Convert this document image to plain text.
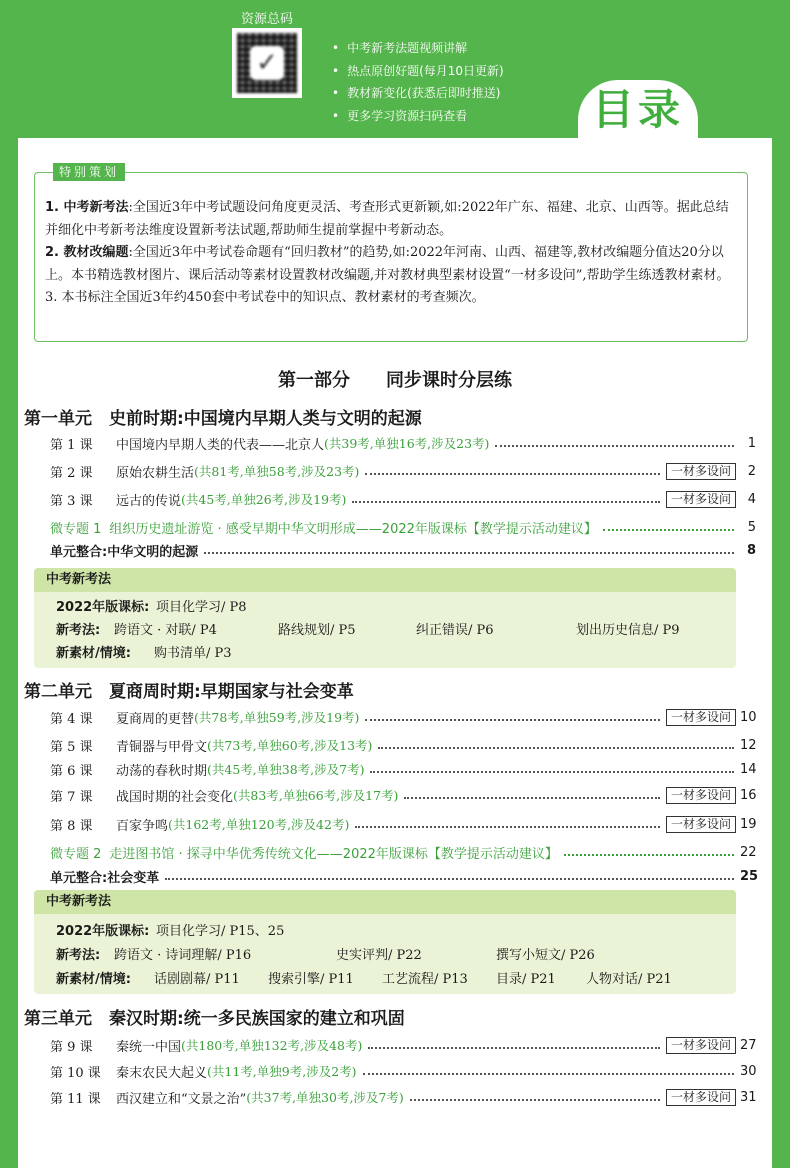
资源总码
✓	• 中考新考法题视频讲解
• 热点原创好题(每月10日更新)
• 教材新变化(获悉后即时推送)
• 更多学习资源扫码查看	目录
特别策划

1. 中考新考法:全国近3年中考试题设问角度更灵活、考查形式更新颖,如:2022年广东、福建、北京、山西等。据此总结并细化中考新考法维度设置新考法试题,帮助师生提前掌握中考新动态。

2. 教材改编题:全国近3年中考试卷命题有“回归教材”的趋势,如:2022年河南、山西、福建等,教材改编题分值达20分以上。本书精选教材图片、课后活动等素材设置教材改编题,并对教材典型素材设置“一材多设问”,帮助学生练透教材素材。

3. 本书标注全国近3年约450套中考试卷中的知识点、教材素材的考查频次。

第一部分　　同步课时分层练
第一单元　史前时期:中国境内早期人类与文明的起源
第 1 课	中国境内早期人类的代表——北京人 (共39考,单独16考,涉及23考)	1
第 2 课	原始农耕生活 (共81考,单独58考,涉及23考)	一材多设问	2
第 3 课	远古的传说 (共45考,单独26考,涉及19考)	一材多设问	4
微专题 1 组织历史遗址游览 · 感受早期中华文明形成——2022年版课标【教学提示活动建议】	5
单元整合:中华文明的起源	8
中考新考法
2022年版课标: 项目化学习/ P8
新考法: 跨语文 · 对联/ P4	路线规划/ P5	纠正错误/ P6	划出历史信息/ P9
新素材/情境: 购书清单/ P3
第二单元　夏商周时期:早期国家与社会变革
第 4 课	夏商周的更替 (共78考,单独59考,涉及19考)	一材多设问 10
第 5 课	青铜器与甲骨文 (共73考,单独60考,涉及13考)	12
第 6 课	动荡的春秋时期 (共45考,单独38考,涉及7考)	14
第 7 课	战国时期的社会变化 (共83考,单独66考,涉及17考)	一材多设问 16
第 8 课	百家争鸣 (共162考,单独120考,涉及42考)	一材多设问 19
微专题 2 走进图书馆 · 探寻中华优秀传统文化——2022年版课标【教学提示活动建议】	22
单元整合:社会变革	25
中考新考法
2022年版课标: 项目化学习/ P15、25
新考法: 跨语文 · 诗词理解/ P16	史实评判/ P22	撰写小短文/ P26
新素材/情境: 话剧剧幕/ P11 搜索引擎/ P11 工艺流程/ P13 目录/ P21 人物对话/ P21
第三单元　秦汉时期:统一多民族国家的建立和巩固
第 9 课	秦统一中国 (共180考,单独132考,涉及48考)	一材多设问 27
第 10 课	秦末农民大起义 (共11考,单独9考,涉及2考)	30
第 11 课	西汉建立和“文景之治” (共37考,单独30考,涉及7考)	一材多设问 31
